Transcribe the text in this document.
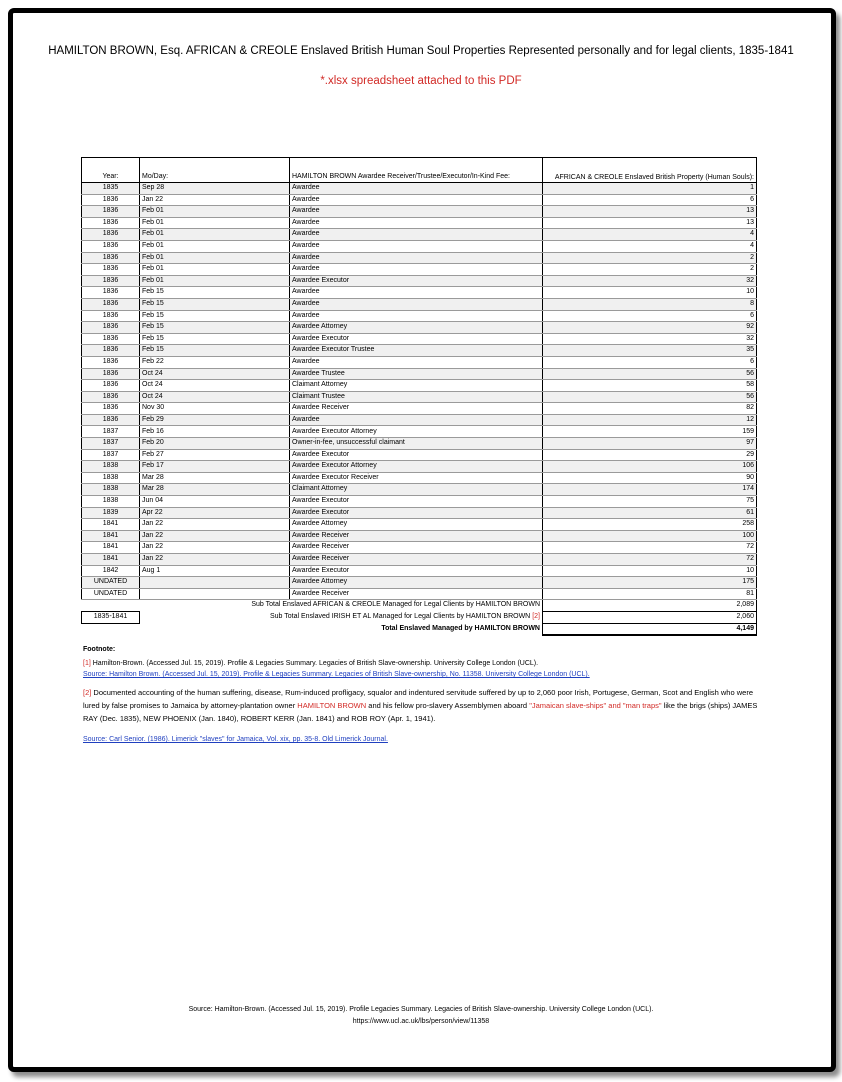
HAMILTON BROWN, Esq. AFRICAN & CREOLE Enslaved British Human Soul Properties Represented personally and for legal clients, 1835-1841
*.xlsx spreadsheet attached to this PDF
Year:	Mo/Day:	HAMILTON BROWN Awardee Receiver/Trustee/Executor/In-Kind Fee:	AFRICAN & CREOLE Enslaved British Property (Human Souls):
1835	Sep 28	Awardee	1
1836	Jan 22	Awardee	6
1836	Feb 01	Awardee	13
1836	Feb 01	Awardee	13
1836	Feb 01	Awardee	4
1836	Feb 01	Awardee	4
1836	Feb 01	Awardee	2
1836	Feb 01	Awardee	2
1836	Feb 01	Awardee Executor	32
1836	Feb 15	Awardee	10
1836	Feb 15	Awardee	8
1836	Feb 15	Awardee	6
1836	Feb 15	Awardee Attorney	92
1836	Feb 15	Awardee Executor	32
1836	Feb 15	Awardee Executor Trustee	35
1836	Feb 22	Awardee	6
1836	Oct 24	Awardee Trustee	56
1836	Oct 24	Claimant Attorney	58
1836	Oct 24	Claimant Trustee	56
1836	Nov 30	Awardee Receiver	82
1836	Feb 29	Awardee	12
1837	Feb 16	Awardee Executor Attorney	159
1837	Feb 20	Owner-in-fee, unsuccessful claimant	97
1837	Feb 27	Awardee Executor	29
1838	Feb 17	Awardee Executor Attorney	106
1838	Mar 28	Awardee Executor Receiver	90
1838	Mar 28	Claimant Attorney	174
1838	Jun 04	Awardee Executor	75
1839	Apr 22	Awardee Executor	61
1841	Jan 22	Awardee Attorney	258
1841	Jan 22	Awardee Receiver	100
1841	Jan 22	Awardee Receiver	72
1841	Jan 22	Awardee Receiver	72
1842	Aug 1	Awardee Executor	10
UNDATED		Awardee Attorney	175
UNDATED		Awardee Receiver	81
Sub Total Enslaved AFRICAN & CREOLE Managed for Legal Clients by HAMILTON BROWN			2,089
1835-1841	Sub Total Enslaved IRISH ET AL Managed for Legal Clients by HAMILTON BROWN [2]		2,060
	Total Enslaved Managed by HAMILTON BROWN		4,149
Footnote:
[1] Hamilton-Brown. (Accessed Jul. 15, 2019). Profile & Legacies Summary. Legacies of British Slave-ownership. University College London (UCL).
Source: Hamilton Brown. (Accessed Jul. 15, 2019). Profile & Legacies Summary. Legacies of British Slave-ownership, No. 11358. University College London (UCL).
[2] Documented accounting of the human suffering, disease, Rum-induced profligacy, squalor and indentured servitude suffered by up to 2,060 poor Irish, Portugese, German, Scot and English who were lured by false promises to Jamaica by attorney-plantation owner HAMILTON BROWN and his fellow pro-slavery Assemblymen aboard "Jamaican slave-ships" and "man traps" like the brigs (ships) JAMES RAY (Dec. 1835), NEW PHOENIX (Jan. 1840), ROBERT KERR (Jan. 1841) and ROB ROY (Apr. 1, 1941).
Source: Carl Senior. (1986). Limerick "slaves" for Jamaica, Vol. xix, pp. 35-8. Old Limerick Journal.
Source: Hamilton-Brown. (Accessed Jul. 15, 2019). Profile Legacies Summary. Legacies of British Slave-ownership. University College London (UCL).
https://www.ucl.ac.uk/lbs/person/view/11358
